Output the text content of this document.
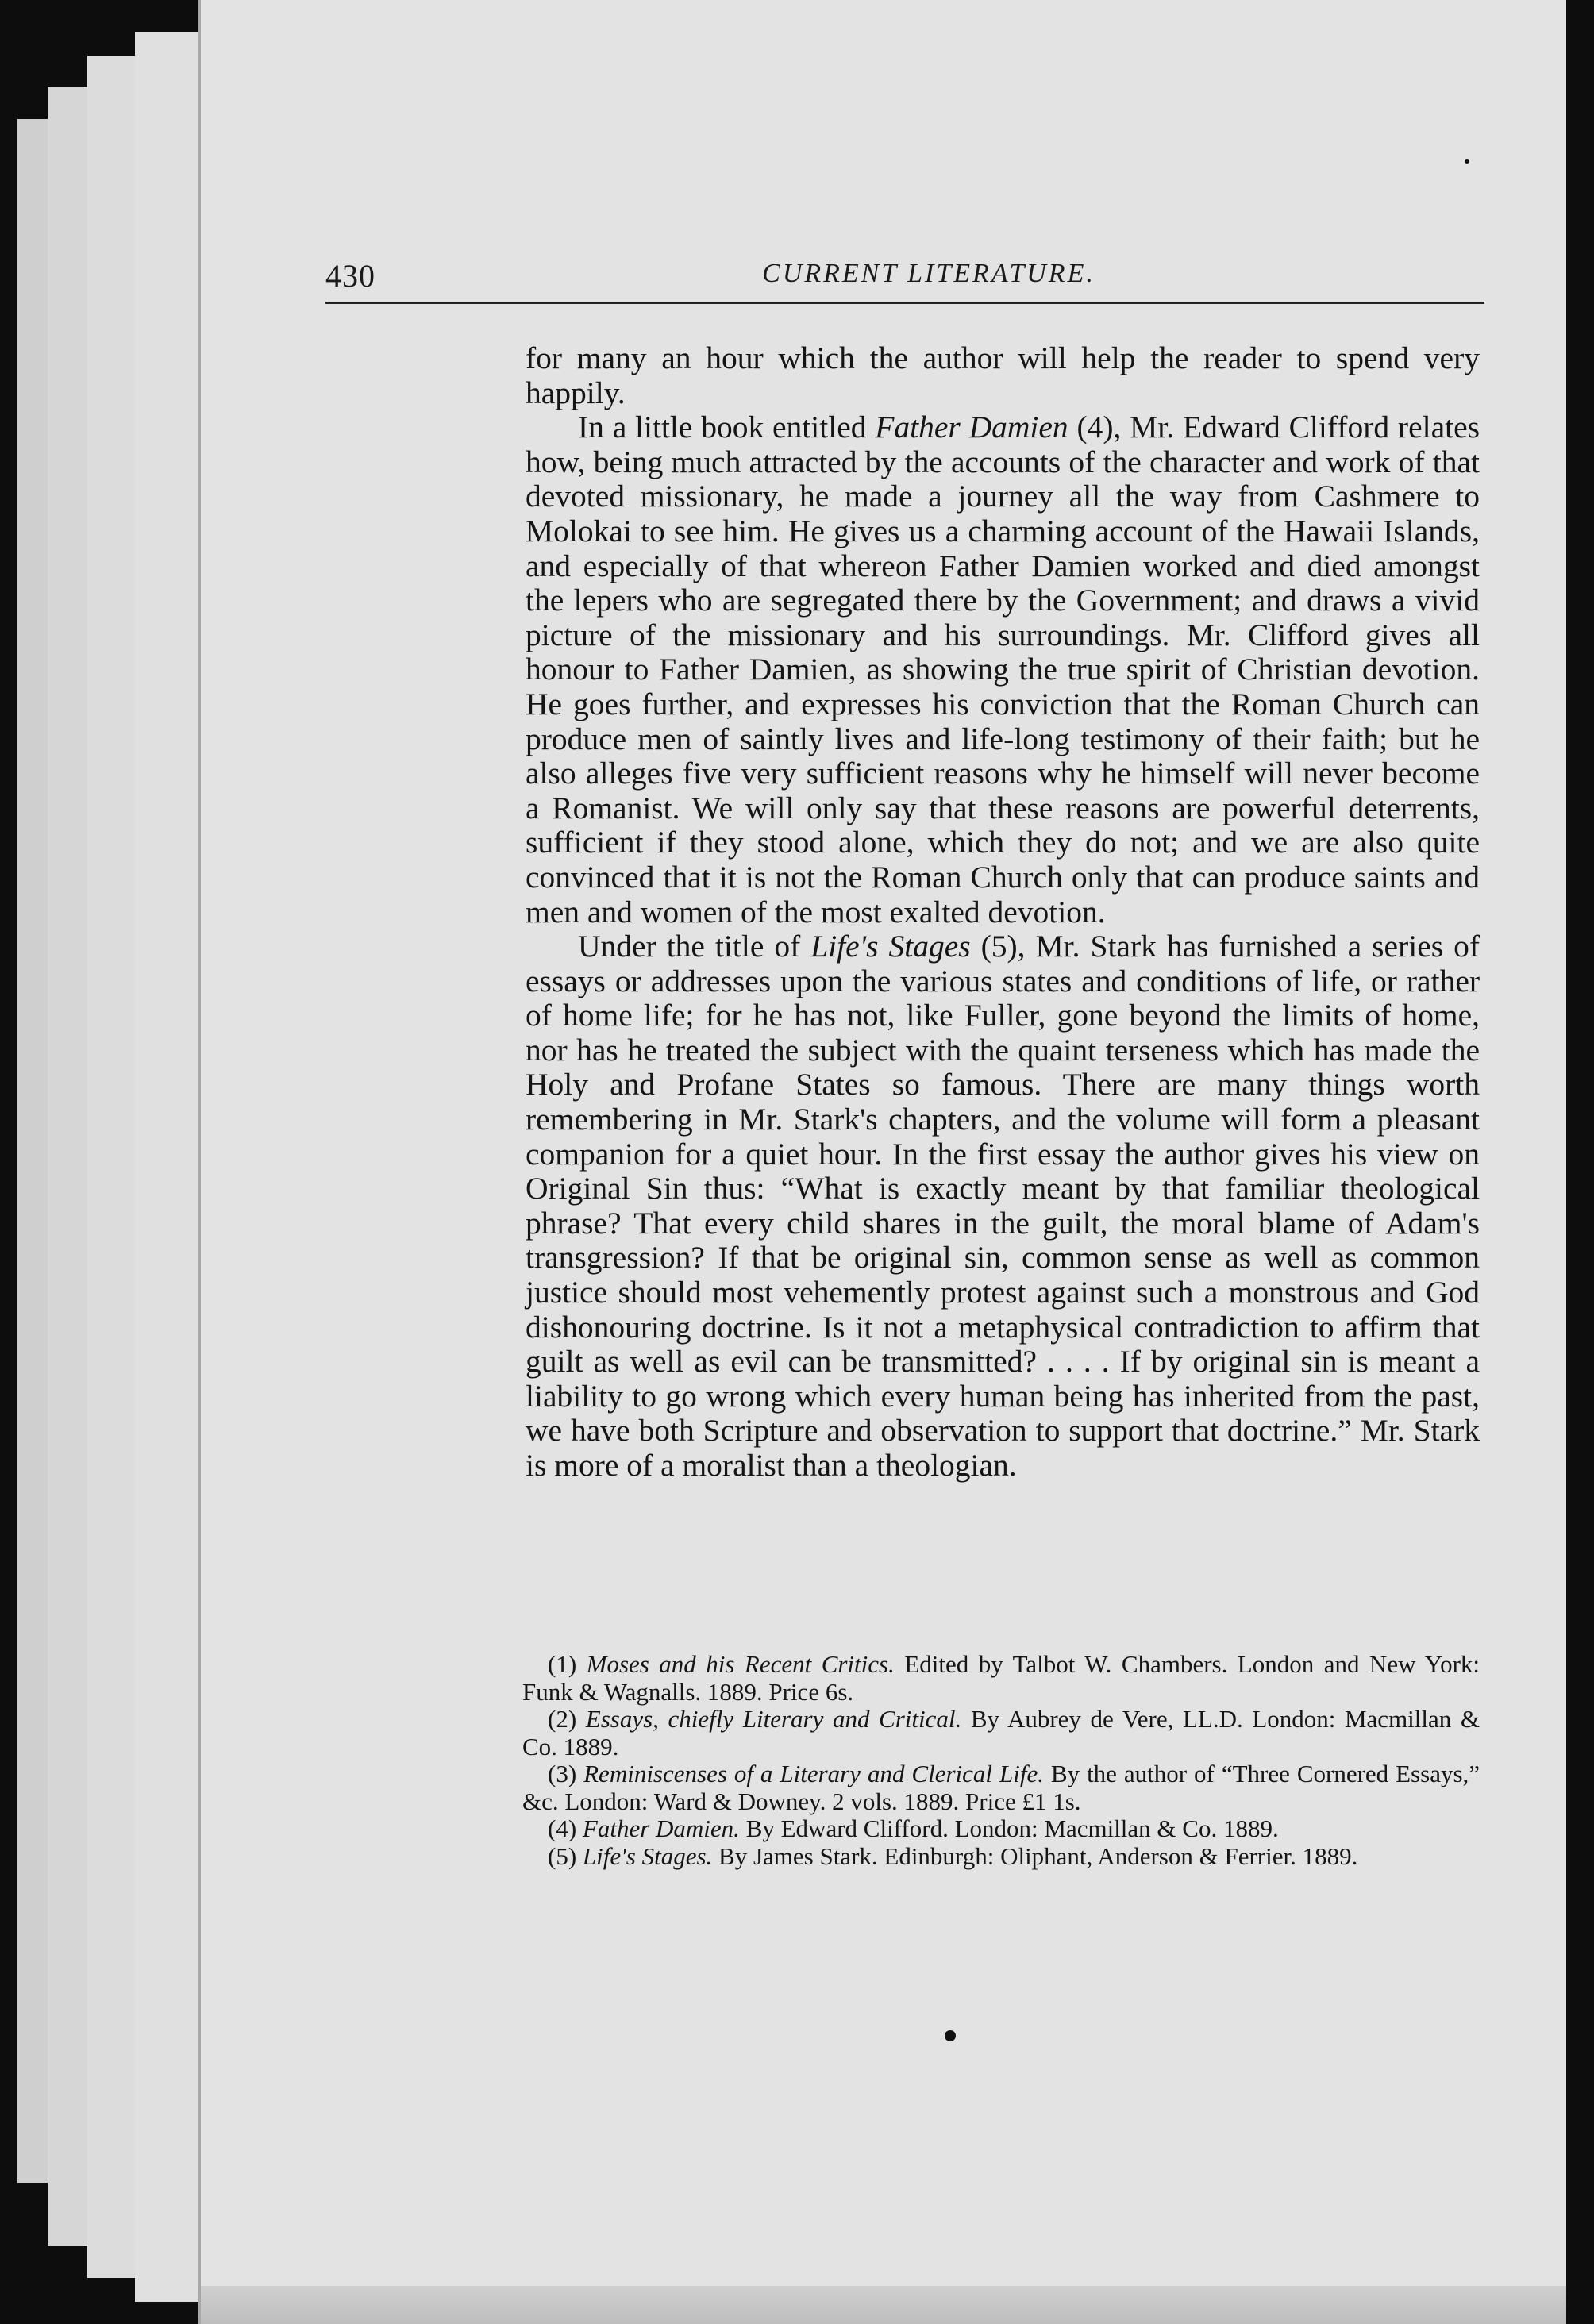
430	CURRENT LITERATURE.

for many an hour which the author will help the reader to spend very happily.

In a little book entitled Father Damien (4), Mr. Edward Clifford relates how, being much attracted by the accounts of the character and work of that devoted missionary, he made a journey all the way from Cashmere to Molokai to see him. He gives us a charming account of the Hawaii Islands, and especially of that whereon Father Damien worked and died amongst the lepers who are segregated there by the Government; and draws a vivid picture of the missionary and his surroundings. Mr. Clifford gives all honour to Father Damien, as showing the true spirit of Christian devotion. He goes further, and expresses his conviction that the Roman Church can produce men of saintly lives and life-long testimony of their faith; but he also alleges five very sufficient reasons why he himself will never become a Romanist. We will only say that these reasons are powerful deterrents, sufficient if they stood alone, which they do not; and we are also quite convinced that it is not the Roman Church only that can produce saints and men and women of the most exalted devotion.

Under the title of Life's Stages (5), Mr. Stark has furnished a series of essays or addresses upon the various states and conditions of life, or rather of home life; for he has not, like Fuller, gone beyond the limits of home, nor has he treated the subject with the quaint terseness which has made the Holy and Profane States so famous. There are many things worth remembering in Mr. Stark's chapters, and the volume will form a pleasant companion for a quiet hour. In the first essay the author gives his view on Original Sin thus: “What is exactly meant by that familiar theological phrase? That every child shares in the guilt, the moral blame of Adam's transgression? If that be original sin, common sense as well as common justice should most vehemently protest against such a monstrous and God dishonouring doctrine. Is it not a metaphysical contradiction to affirm that guilt as well as evil can be transmitted? . . . . If by original sin is meant a liability to go wrong which every human being has inherited from the past, we have both Scripture and observation to support that doctrine.” Mr. Stark is more of a moralist than a theologian.

(1) Moses and his Recent Critics. Edited by Talbot W. Chambers. London and New York: Funk & Wagnalls. 1889. Price 6s.

(2) Essays, chiefly Literary and Critical. By Aubrey de Vere, LL.D. London: Macmillan & Co. 1889.

(3) Reminiscenses of a Literary and Clerical Life. By the author of “Three Cornered Essays,” &c. London: Ward & Downey. 2 vols. 1889. Price £1 1s.

(4) Father Damien. By Edward Clifford. London: Macmillan & Co. 1889.

(5) Life's Stages. By James Stark. Edinburgh: Oliphant, Anderson & Ferrier. 1889.
